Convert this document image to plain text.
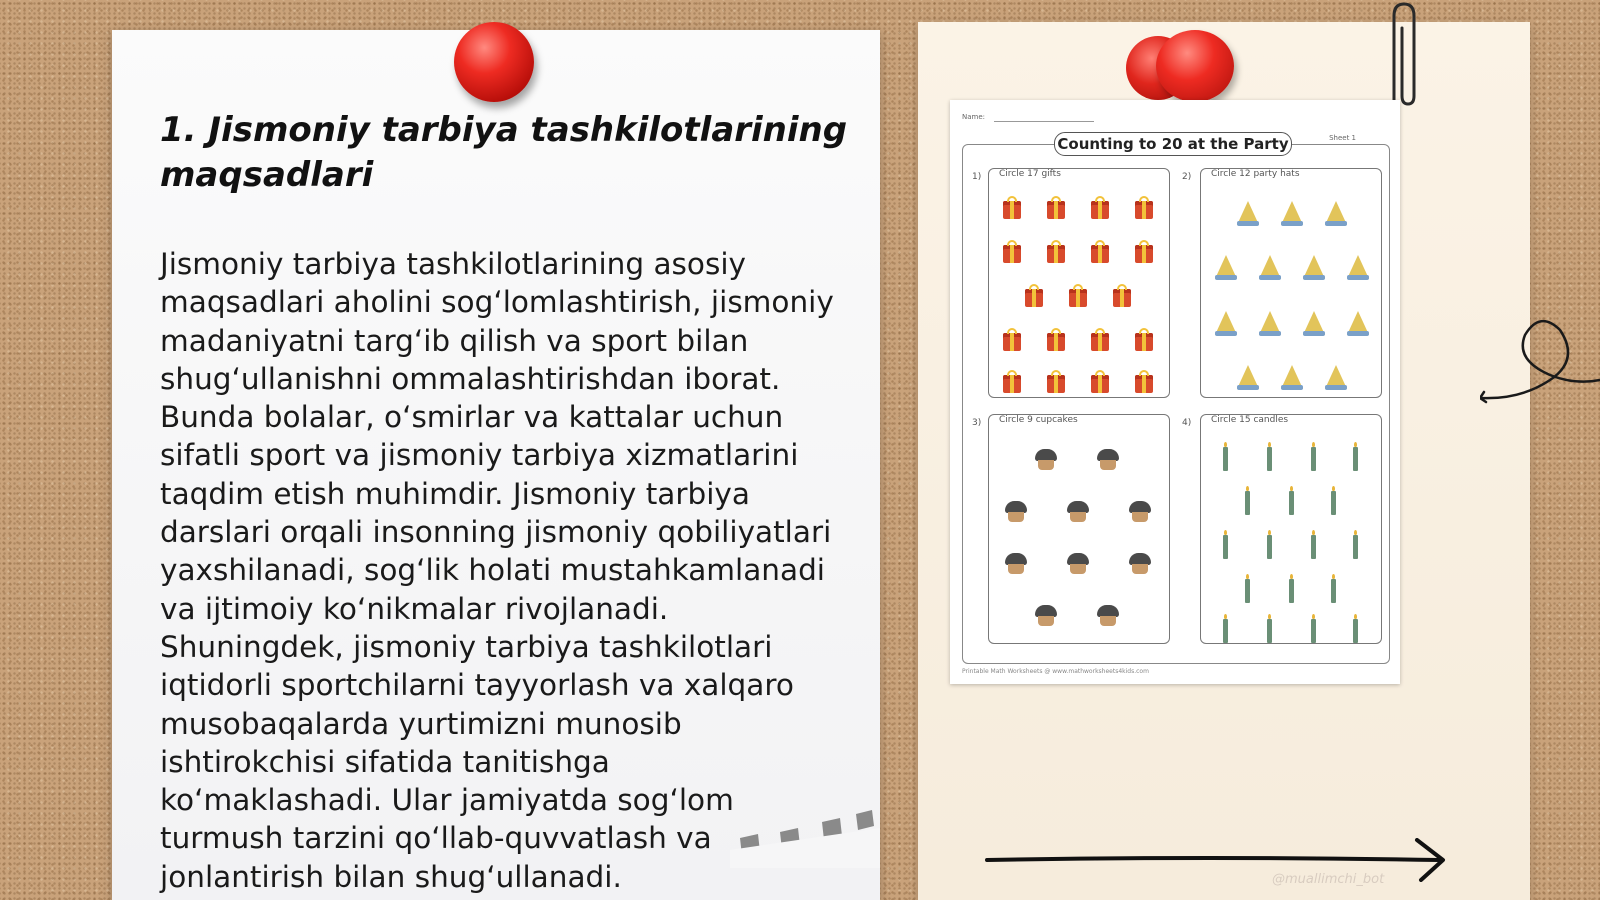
1. Jismoniy tarbiya tashkilotlarining maqsadlari

Jismoniy tarbiya tashkilotlarining asosiy maqsadlari aholini sog‘lomlashtirish, jismoniy madaniyatni targ‘ib qilish va sport bilan shug‘ullanishni ommalashtirishdan iborat. Bunda bolalar, o‘smirlar va kattalar uchun sifatli sport va jismoniy tarbiya xizmatlarini taqdim etish muhimdir. Jismoniy tarbiya darslari orqali insonning jismoniy qobiliyatlari yaxshilanadi, sog‘lik holati mustahkamlanadi va ijtimoiy ko‘nikmalar rivojlanadi. Shuningdek, jismoniy tarbiya tashkilotlari iqtidorli sportchilarni tayyorlash va xalqaro musobaqalarda yurtimizni munosib ishtirokchisi sifatida tanitishga ko‘maklashadi. Ular jamiyatda sog‘lom turmush tarzini qo‘llab-quvvatlash va jonlantirish bilan shug‘ullanadi.

Name:
Sheet 1
Counting to 20 at the Party
1) Circle 17 gifts	2) Circle 12 party hats
3) Circle 9 cupcakes	4) Circle 15 candles
Printable Math Worksheets @ www.mathworksheets4kids.com
@muallimchi_bot
